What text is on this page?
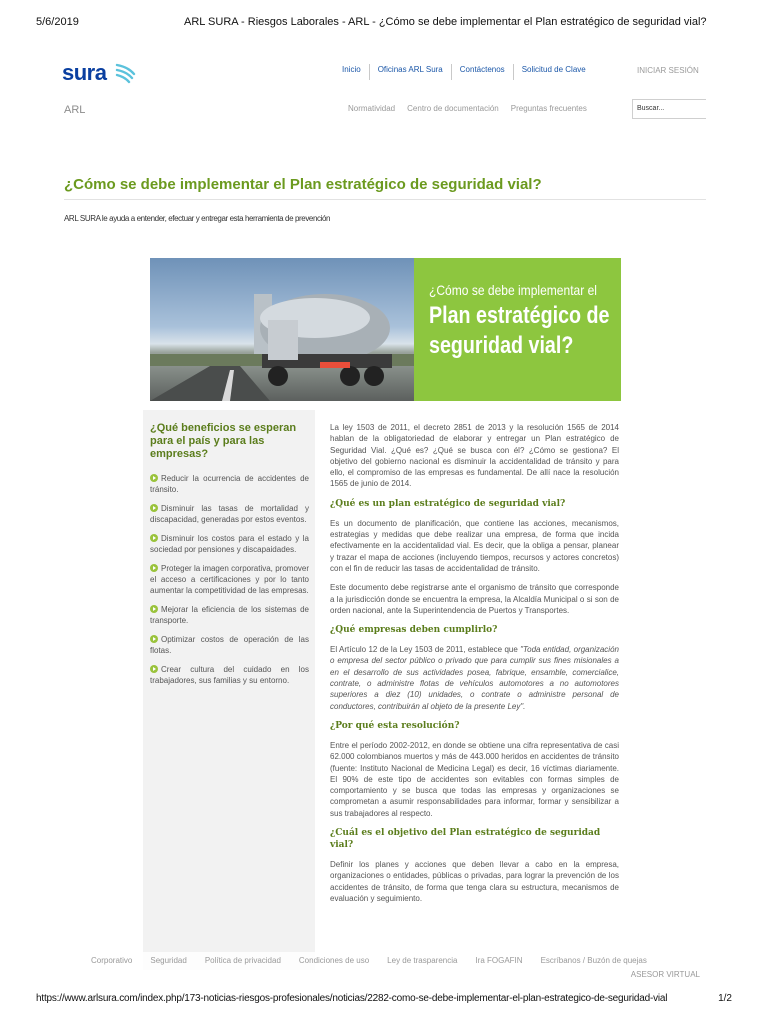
5/6/2019	ARL SURA - Riesgos Laborales - ARL - ¿Cómo se debe implementar el Plan estratégico de seguridad vial?
sura	Inicio	Oficinas ARL Sura	Contáctenos	Solicitud de Clave	INICIAR SESIÓN
ARL	Normatividad	Centro de documentación	Preguntas frecuentes	Buscar...
¿Cómo se debe implementar el Plan estratégico de seguridad vial?

ARL SURA le ayuda a entender, efectuar y entregar esta herramienta de prevención

¿Cómo se debe implementar el
Plan estratégico de
seguridad vial?
¿Qué beneficios se esperan para el país y para las empresas?
Reducir la ocurrencia de accidentes de tránsito.
Disminuir las tasas de mortalidad y discapacidad, generadas por estos eventos.
Disminuir los costos para el estado y la sociedad por pensiones y discapaidades.
Proteger la imagen corporativa, promover el acceso a certificaciones y por lo tanto aumentar la competitividad de las empresas.
Mejorar la eficiencia de los sistemas de transporte.
Optimizar costos de operación de las flotas.
Crear cultura del cuidado en los trabajadores, sus familias y su entorno.

La ley 1503 de 2011, el decreto 2851 de 2013 y la resolución 1565 de 2014 hablan de la obligatoriedad de elaborar y entregar un Plan estratégico de Seguridad Vial. ¿Qué es? ¿Qué se busca con él? ¿Cómo se gestiona? El objetivo del gobierno nacional es disminuir la accidentalidad de tránsito y para ello, el compromiso de las empresas es fundamental. De allí nace la resolución 1565 de junio de 2014.

¿Qué es un plan estratégico de seguridad vial?

Es un documento de planificación, que contiene las acciones, mecanismos, estrategias y medidas que debe realizar una empresa, de forma que incida efectivamente en la accidentalidad vial. Es decir, que la obliga a pensar, planear y trazar el mapa de acciones (incluyendo tiempos, recursos y actores concretos) con el fin de reducir las tasas de accidentalidad de tránsito.

Este documento debe registrarse ante el organismo de tránsito que corresponde a la jurisdicción donde se encuentra la empresa, la Alcaldía Municipal o si son de orden nacional, ante la Superintendencia de Puertos y Transportes.

¿Qué empresas deben cumplirlo?

El Artículo 12 de la Ley 1503 de 2011, establece que "Toda entidad, organización o empresa del sector público o privado que para cumplir sus fines misionales a en el desarrollo de sus actividades posea, fabrique, ensamble, comercialice, contrate, o administre flotas de vehículos automotores a no automotores superiores a diez (10) unidades, o contrate o administre personal de conductores, contribuirán al objeto de la presente Ley".

¿Por qué esta resolución?

Entre el período 2002-2012, en donde se obtiene una cifra representativa de casi 62.000 colombianos muertos y más de 443.000 heridos en accidentes de tránsito (fuente: Instituto Nacional de Medicina Legal) es decir, 16 víctimas diariamente. El 90% de este tipo de accidentes son evitables con formas simples de comportamiento y se busca que todas las empresas y organizaciones se comprometan a asumir responsabilidades para informar, formar y sensibilizar a sus trabajadores al respecto.

¿Cuál es el objetivo del Plan estratégico de seguridad vial?

Definir los planes y acciones que deben llevar a cabo en la empresa, organizaciones o entidades, públicas o privadas, para lograr la prevención de los accidentes de tránsito, de forma que tenga clara su estructura, mecanismos de evaluación y seguimiento.

Corporativo	Seguridad	Política de privacidad	Condiciones de uso	Ley de trasparencia	Ira FOGAFIN	Escríbanos / Buzón de quejas
ASESOR VIRTUAL
https://www.arlsura.com/index.php/173-noticias-riesgos-profesionales/noticias/2282-como-se-debe-implementar-el-plan-estrategico-de-seguridad-vial	1/2
